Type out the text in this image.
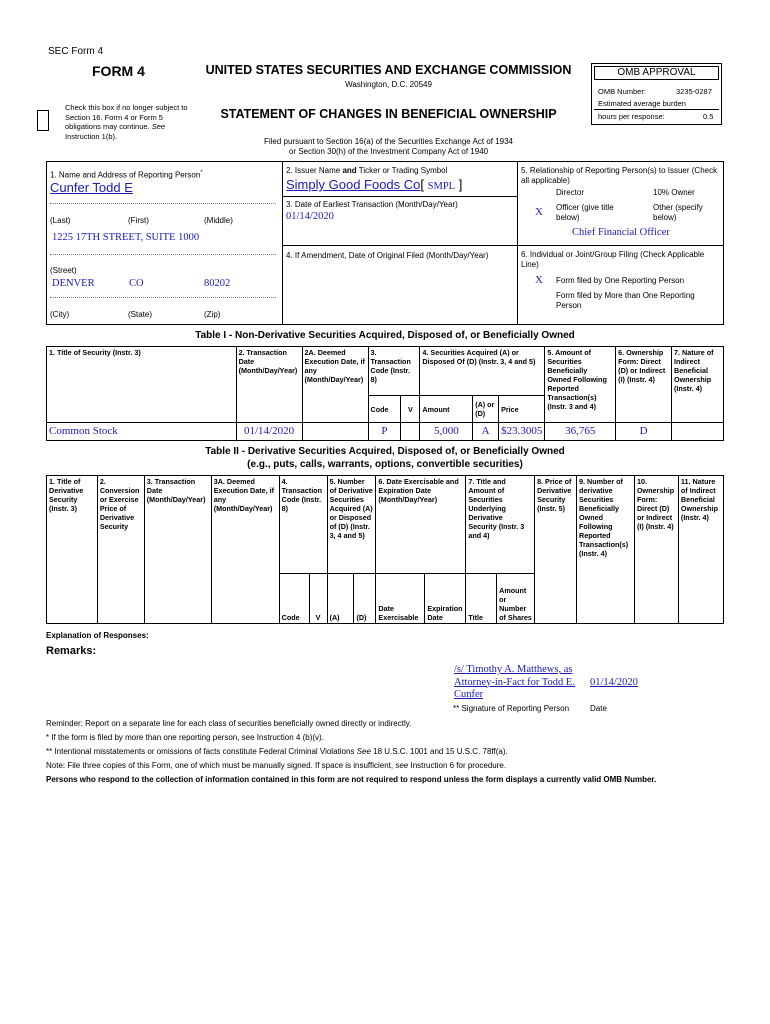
SEC Form 4
FORM 4	UNITED STATES SECURITIES AND EXCHANGE COMMISSION
Washington, D.C. 20549
Check this box if no longer subject to Section 16. Form 4 or Form 5 obligations may continue. See Instruction 1(b).
STATEMENT OF CHANGES IN BENEFICIAL OWNERSHIP
Filed pursuant to Section 16(a) of the Securities Exchange Act of 1934
or Section 30(h) of the Investment Company Act of 1940
OMB APPROVAL
OMB Number:	3235-0287
Estimated average burden
hours per response:	0.5
1. Name and Address of Reporting Person*
Cunfer Todd E
(Last)	(First)	(Middle)
1225 17TH STREET, SUITE 1000
(Street)
DENVER	CO	80202
(City)	(State)	(Zip)
2. Issuer Name and Ticker or Trading Symbol
Simply Good Foods Co[ SMPL ]
3. Date of Earliest Transaction (Month/Day/Year)
01/14/2020
4. If Amendment, Date of Original Filed (Month/Day/Year)
5. Relationship of Reporting Person(s) to Issuer (Check all applicable)
Director	10% Owner
X Officer (give title below)
Other (specify below)
Chief Financial Officer
6. Individual or Joint/Group Filing (Check Applicable Line)
X Form filed by One Reporting Person
Form filed by More than One Reporting Person
Table I - Non-Derivative Securities Acquired, Disposed of, or Beneficially Owned
1. Title of Security (Instr. 3)	2. Transaction Date (Month/Day/Year)	2A. Deemed Execution Date, if any (Month/Day/Year)	3. Transaction Code (Instr. 8)		4. Securities Acquired (A) or Disposed Of (D) (Instr. 3, 4 and 5)			5. Amount of Securities Beneficially Owned Following Reported Transaction(s) (Instr. 3 and 4)	6. Ownership Form: Direct (D) or Indirect (I) (Instr. 4)	7. Nature of Indirect Beneficial Ownership (Instr. 4)
			Code	V	Amount	(A) or (D)	Price			
Common Stock	01/14/2020		P		5,000	A	$23.3005	36,765	D	
Table II - Derivative Securities Acquired, Disposed of, or Beneficially Owned
(e.g., puts, calls, warrants, options, convertible securities)
1. Title of Derivative Security (Instr. 3)	2. Conversion or Exercise Price of Derivative Security	3. Transaction Date (Month/Day/Year)	3A. Deemed Execution Date, if any (Month/Day/Year)	4. Transaction Code (Instr. 8)		5. Number of Derivative Securities Acquired (A) or Disposed of (D) (Instr. 3, 4 and 5)		6. Date Exercisable and Expiration Date (Month/Day/Year)		7. Title and Amount of Securities Underlying Derivative Security (Instr. 3 and 4)		8. Price of Derivative Security (Instr. 5)	9. Number of derivative Securities Beneficially Owned Following Reported Transaction(s) (Instr. 4)	10. Ownership Form: Direct (D) or Indirect (I) (Instr. 4)	11. Nature of Indirect Beneficial Ownership (Instr. 4)
				Code	V	(A)	(D)	Date Exercisable	Expiration Date	Title	Amount or Number of Shares				
Explanation of Responses:
Remarks:
/s/ Timothy A. Matthews, as Attorney-in-Fact for Todd E. Cunfer
01/14/2020
** Signature of Reporting Person	Date
Reminder: Report on a separate line for each class of securities beneficially owned directly or indirectly.
* If the form is filed by more than one reporting person, see Instruction 4 (b)(v).
** Intentional misstatements or omissions of facts constitute Federal Criminal Violations See 18 U.S.C. 1001 and 15 U.S.C. 78ff(a).
Note: File three copies of this Form, one of which must be manually signed. If space is insufficient, see Instruction 6 for procedure.
Persons who respond to the collection of information contained in this form are not required to respond unless the form displays a currently valid OMB Number.
